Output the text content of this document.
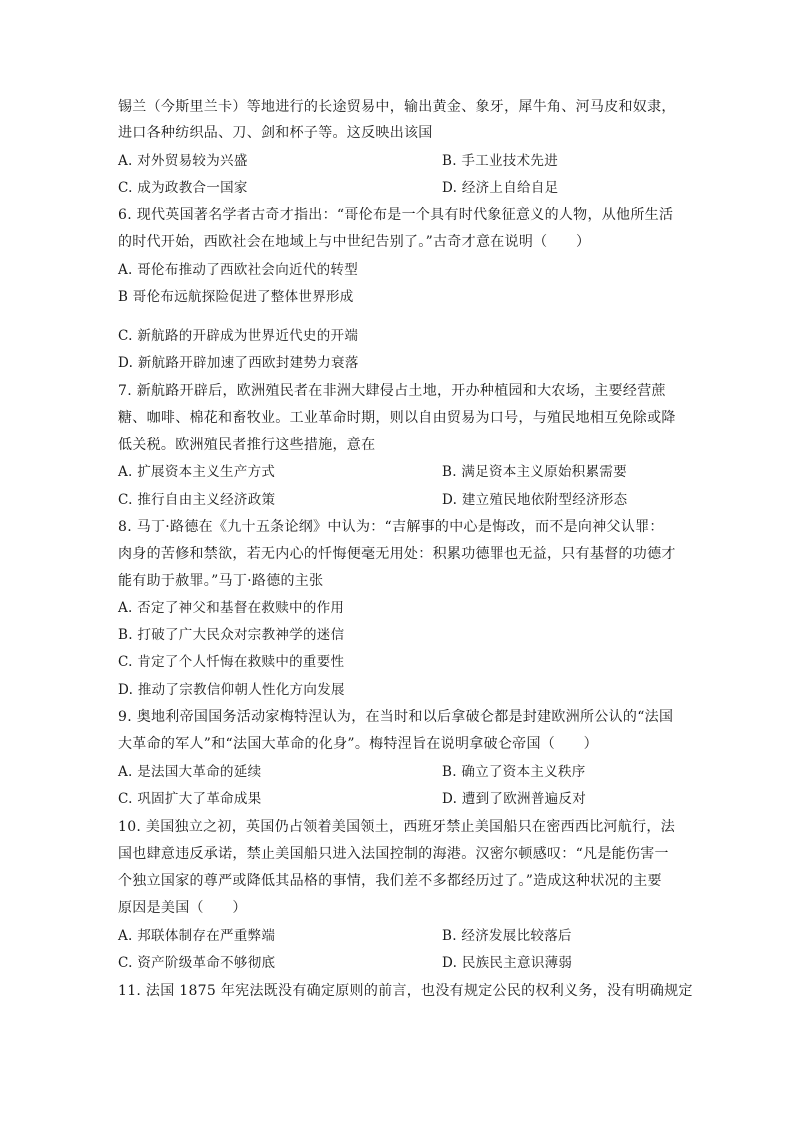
锡兰（今斯里兰卡）等地进行的长途贸易中，输出黄金、象牙，犀牛角、河马皮和奴隶，
进口各种纺织品、刀、剑和杯子等。这反映出该国
A. 对外贸易较为兴盛	B. 手工业技术先进
C. 成为政教合一国家	D. 经济上自给自足
6. 现代英国著名学者古奇才指出：“哥伦布是一个具有时代象征意义的人物，从他所生活
的时代开始，西欧社会在地域上与中世纪告别了。”古奇才意在说明（　　）
A. 哥伦布推动了西欧社会向近代的转型
B 哥伦布远航探险促进了整体世界形成
C. 新航路的开辟成为世界近代史的开端
D. 新航路开辟加速了西欧封建势力衰落
7. 新航路开辟后，欧洲殖民者在非洲大肆侵占土地，开办种植园和大农场，主要经营蔗
糖、咖啡、棉花和畜牧业。工业革命时期，则以自由贸易为口号，与殖民地相互免除或降
低关税。欧洲殖民者推行这些措施，意在
A. 扩展资本主义生产方式	B. 满足资本主义原始积累需要
C. 推行自由主义经济政策	D. 建立殖民地依附型经济形态
8. 马丁·路德在《九十五条论纲》中认为：“吉解事的中心是悔改，而不是向神父认罪：
肉身的苦修和禁欲，若无内心的忏悔便毫无用处：积累功德罪也无益，只有基督的功德才
能有助于赦罪。”马丁·路德的主张
A. 否定了神父和基督在救赎中的作用
B. 打破了广大民众对宗教神学的迷信
C. 肯定了个人忏悔在救赎中的重要性
D. 推动了宗教信仰朝人性化方向发展
9. 奥地利帝国国务活动家梅特涅认为，在当时和以后拿破仑都是封建欧洲所公认的“法国
大革命的军人”和“法国大革命的化身”。梅特涅旨在说明拿破仑帝国（　　）
A. 是法国大革命的延续	B. 确立了资本主义秩序
C. 巩固扩大了革命成果	D. 遭到了欧洲普遍反对
10. 美国独立之初，英国仍占领着美国领土，西班牙禁止美国船只在密西西比河航行，法
国也肆意违反承诺，禁止美国船只进入法国控制的海港。汉密尔顿感叹：“凡是能伤害一
个独立国家的尊严或降低其品格的事情，我们差不多都经历过了。”造成这种状况的主要
原因是美国（　　）
A. 邦联体制存在严重弊端	B. 经济发展比较落后
C. 资产阶级革命不够彻底	D. 民族民主意识薄弱
11. 法国 1875 年宪法既没有确定原则的前言，也没有规定公民的权利义务，没有明确规定
